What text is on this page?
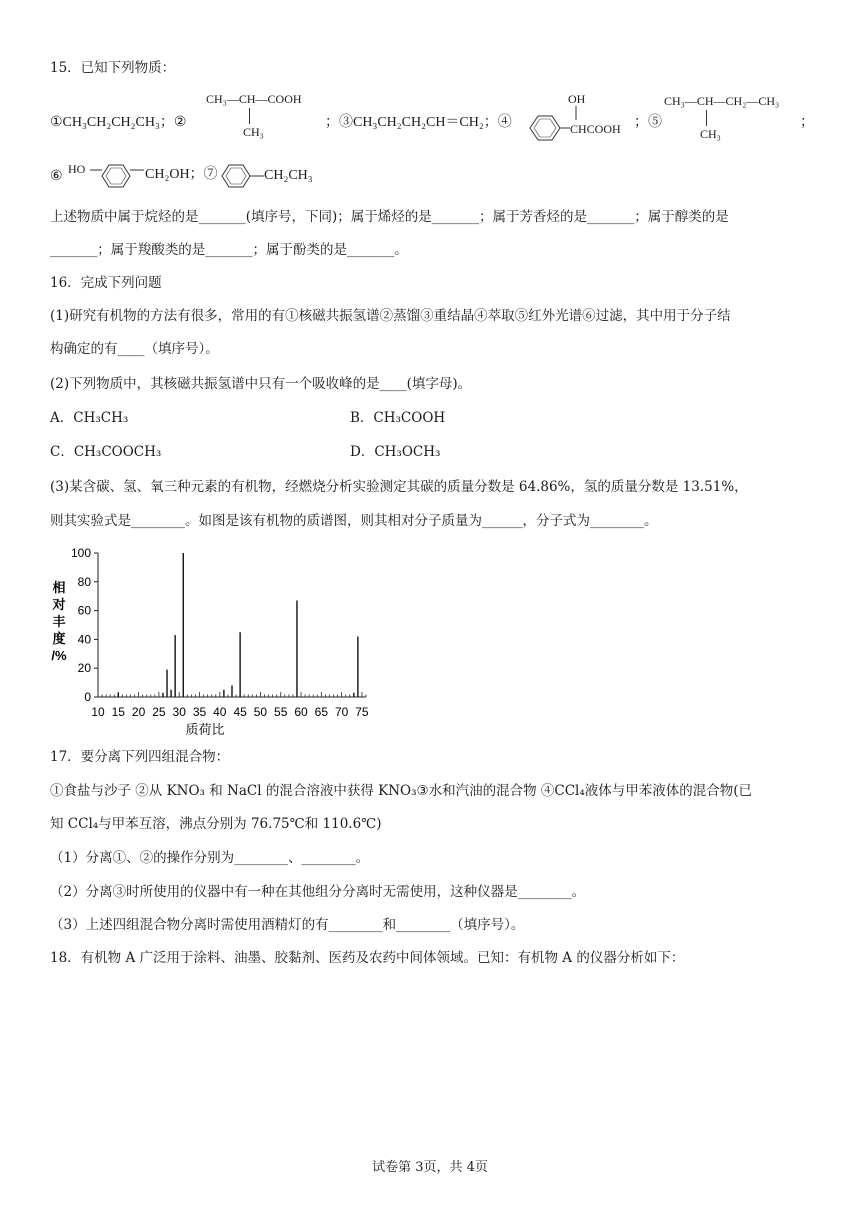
15．已知下列物质：
①CH₃CH₂CH₂CH₃；②
CH₃—CH—COOH
CH₃
；③CH₃CH₂CH₂CH＝CH₂；④
OH
CHCOOH ；⑤
CH₃—CH—CH₂—CH₃
CH₃
；
⑥ HO	CH₂OH；⑦	CH₂CH₃
上述物质中属于烷烃的是_______(填序号，下同)；属于烯烃的是_______；属于芳香烃的是_______；属于醇类的是
_______；属于羧酸类的是_______；属于酚类的是_______。
16．完成下列问题
(1)研究有机物的方法有很多，常用的有①核磁共振氢谱②蒸馏③重结晶④萃取⑤红外光谱⑥过滤，其中用于分子结
构确定的有____（填序号）。
(2)下列物质中，其核磁共振氢谱中只有一个吸收峰的是____(填字母)。
A．CH₃CH₃	B．CH₃COOH
C．CH₃COOCH₃	D．CH₃OCH₃
(3)某含碳、氢、氧三种元素的有机物，经燃烧分析实验测定其碳的质量分数是 64.86%，氢的质量分数是 13.51%，
则其实验式是________。如图是该有机物的质谱图，则其相对分子质量为______，分子式为________。
相
对
丰
度
/%
0
20
40
60
80
100
10 15 20 25 30 35 40 45 50 55 60 65 70 75
质荷比
17．要分离下列四组混合物：
①食盐与沙子 ②从 KNO₃ 和 NaCl 的混合溶液中获得 KNO₃③水和汽油的混合物 ④CCl₄液体与甲苯液体的混合物(已
知 CCl₄与甲苯互溶，沸点分别为 76.75℃和 110.6℃)
（1）分离①、②的操作分别为________、________。
（2）分离③时所使用的仪器中有一种在其他组分分离时无需使用，这种仪器是________。
（3）上述四组混合物分离时需使用酒精灯的有________和________（填序号）。
18．有机物 A 广泛用于涂料、油墨、胶黏剂、医药及农药中间体领域。已知：有机物 A 的仪器分析如下：
试卷第 3页，共 4页
